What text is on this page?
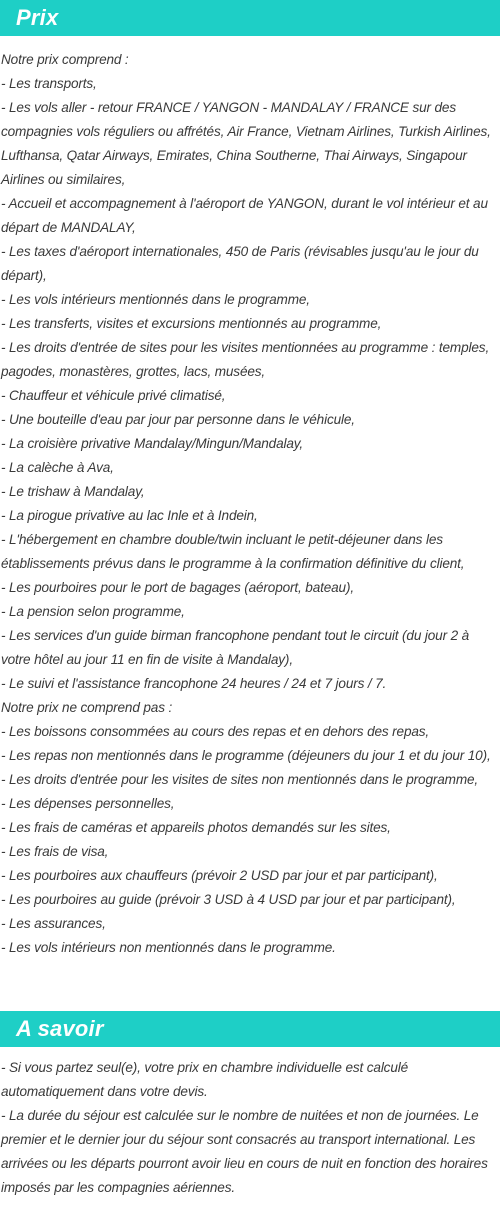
Prix
Notre prix comprend :
- Les transports,
- Les vols aller - retour FRANCE / YANGON - MANDALAY / FRANCE sur des compagnies vols réguliers ou affrétés, Air France, Vietnam Airlines, Turkish Airlines, Lufthansa, Qatar Airways, Emirates, China Southerne, Thai Airways, Singapour Airlines ou similaires,
- Accueil et accompagnement à l'aéroport de YANGON, durant le vol intérieur et au départ de MANDALAY,
- Les taxes d'aéroport internationales, 450 de Paris (révisables jusqu'au le jour du départ),
- Les vols intérieurs mentionnés dans le programme,
- Les transferts, visites et excursions mentionnés au programme,
- Les droits d'entrée de sites pour les visites mentionnées au programme : temples, pagodes, monastères, grottes, lacs, musées,
- Chauffeur et véhicule privé climatisé,
- Une bouteille d'eau par jour par personne dans le véhicule,
- La croisière privative Mandalay/Mingun/Mandalay,
- La calèche à Ava,
- Le trishaw à Mandalay,
- La pirogue privative au lac Inle et à Indein,
- L'hébergement en chambre double/twin incluant le petit-déjeuner dans les établissements prévus dans le programme à la confirmation définitive du client,
- Les pourboires pour le port de bagages (aéroport, bateau),
- La pension selon programme,
- Les services d'un guide birman francophone pendant tout le circuit (du jour 2 à votre hôtel au jour 11 en fin de visite à Mandalay),
- Le suivi et l'assistance francophone 24 heures / 24 et 7 jours / 7.
Notre prix ne comprend pas :
- Les boissons consommées au cours des repas et en dehors des repas,
- Les repas non mentionnés dans le programme (déjeuners du jour 1 et du jour 10),
- Les droits d'entrée pour les visites de sites non mentionnés dans le programme,
- Les dépenses personnelles,
- Les frais de caméras et appareils photos demandés sur les sites,
- Les frais de visa,
- Les pourboires aux chauffeurs (prévoir 2 USD par jour et par participant),
- Les pourboires au guide (prévoir 3 USD à 4 USD par jour et par participant),
- Les assurances,
- Les vols intérieurs non mentionnés dans le programme.
A savoir
- Si vous partez seul(e), votre prix en chambre individuelle est calculé automatiquement dans votre devis.
- La durée du séjour est calculée sur le nombre de nuitées et non de journées. Le premier et le dernier jour du séjour sont consacrés au transport international. Les arrivées ou les départs pourront avoir lieu en cours de nuit en fonction des horaires imposés par les compagnies aériennes.
